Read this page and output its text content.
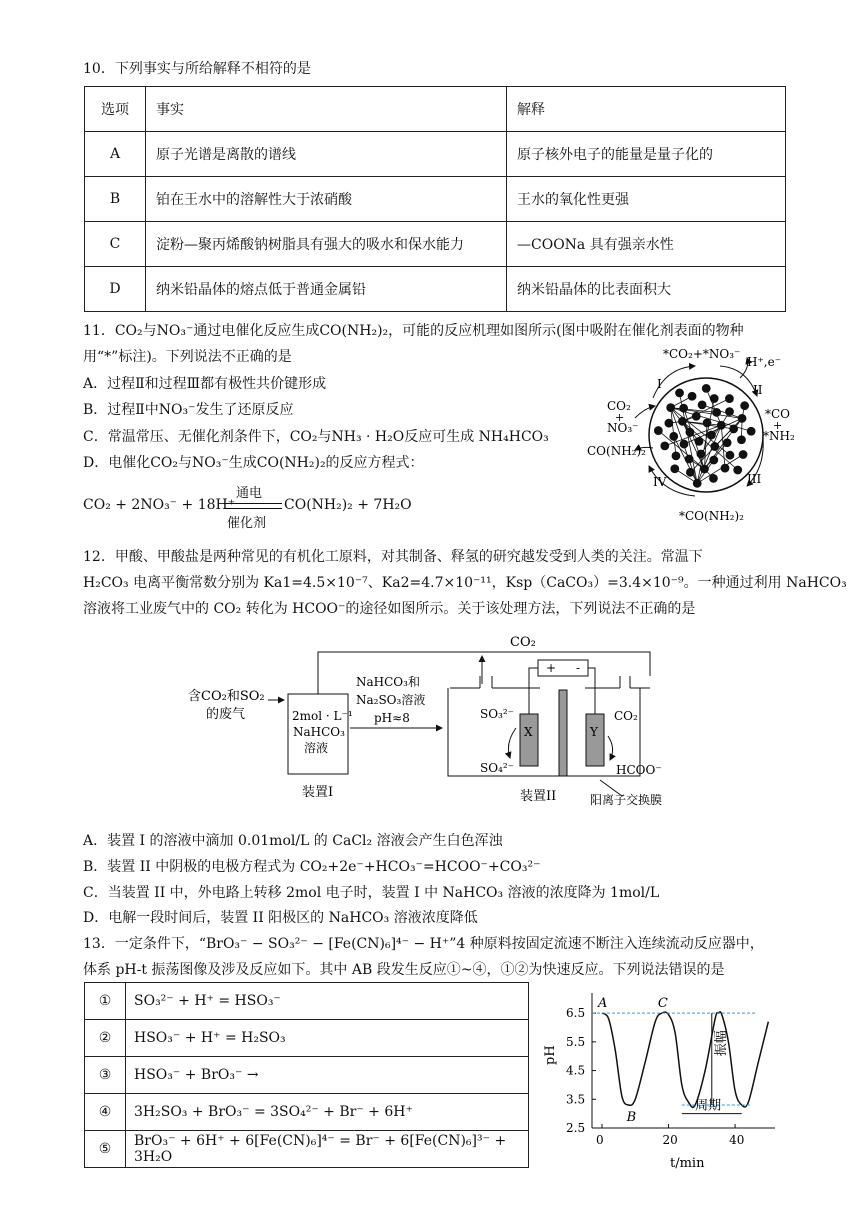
10．下列事实与所给解释不相符的是
选项	事实	解释
A	原子光谱是离散的谱线	原子核外电子的能量是量子化的
B	铂在王水中的溶解性大于浓硝酸	王水的氧化性更强
C	淀粉—聚丙烯酸钠树脂具有强大的吸水和保水能力	—COONa 具有强亲水性
D	纳米铅晶体的熔点低于普通金属铅	纳米铅晶体的比表面积大
11．CO₂与NO₃⁻通过电催化反应生成CO(NH₂)₂，可能的反应机理如图所示(图中吸附在催化剂表面的物种
用“*”标注)。下列说法不正确的是
A．过程Ⅱ和过程Ⅲ都有极性共价键形成
B．过程Ⅱ中NO₃⁻发生了还原反应
C．常温常压、无催化剂条件下，CO₂与NH₃ · H₂O反应可生成 NH₄HCO₃
D．电催化CO₂与NO₃⁻生成CO(NH₂)₂的反应方程式：
CO₂ + 2NO₃⁻ + 18H⁺
通电
催化剂
CO(NH₂)₂ + 7H₂O
*CO₂+*NO₃⁻
H⁺,e⁻
I	II
CO₂
+
NO₃⁻
CO(NH₂)₂
*CO
+
*NH₂
III
IV
*CO(NH₂)₂
12．甲酸、甲酸盐是两种常见的有机化工原料，对其制备、释氢的研究越发受到人类的关注。常温下
H₂CO₃ 电离平衡常数分别为 Ka1=4.5×10⁻⁷、Ka2=4.7×10⁻¹¹，Ksp（CaCO₃）=3.4×10⁻⁹。一种通过利用 NaHCO₃
溶液将工业废气中的 CO₂ 转化为 HCOO⁻的途径如图所示。关于该处理方法，下列说法不正确的是
CO₂
含CO₂和SO₂
的废气	2mol · L⁻¹
NaHCO₃
溶液
装置I
NaHCO₃和
Na₂SO₃溶液
pH≈8
+ -
SO₃²⁻
SO₄²⁻
X	Y
CO₂
HCOO⁻
装置II	阳离子交换膜
A．装置 I 的溶液中滴加 0.01mol/L 的 CaCl₂ 溶液会产生白色浑浊
B．装置 II 中阴极的电极方程式为 CO₂+2e⁻+HCO₃⁻=HCOO⁻+CO₃²⁻
C．当装置 II 中，外电路上转移 2mol 电子时，装置 I 中 NaHCO₃ 溶液的浓度降为 1mol/L
D．电解一段时间后，装置 II 阳极区的 NaHCO₃ 溶液浓度降低
13．一定条件下，“BrO₃⁻ − SO₃²⁻ − [Fe(CN)₆]⁴⁻ − H⁺”4 种原料按固定流速不断注入连续流动反应器中，
体系 pH-t 振荡图像及涉及反应如下。其中 AB 段发生反应①~④，①②为快速反应。下列说法错误的是
①	SO₃²⁻ + H⁺ = HSO₃⁻
②	HSO₃⁻ + H⁺ = H₂SO₃
③	HSO₃⁻ + BrO₃⁻ →
④	3H₂SO₃ + BrO₃⁻ = 3SO₄²⁻ + Br⁻ + 6H⁺
⑤	BrO₃⁻ + 6H⁺ + 6[Fe(CN)₆]⁴⁻ = Br⁻ + 6[Fe(CN)₆]³⁻ + 3H₂O
0	20	40
2.5
3.5
4.5
5.5
6.5
A
B
C
振幅
周期
pH
t/min
